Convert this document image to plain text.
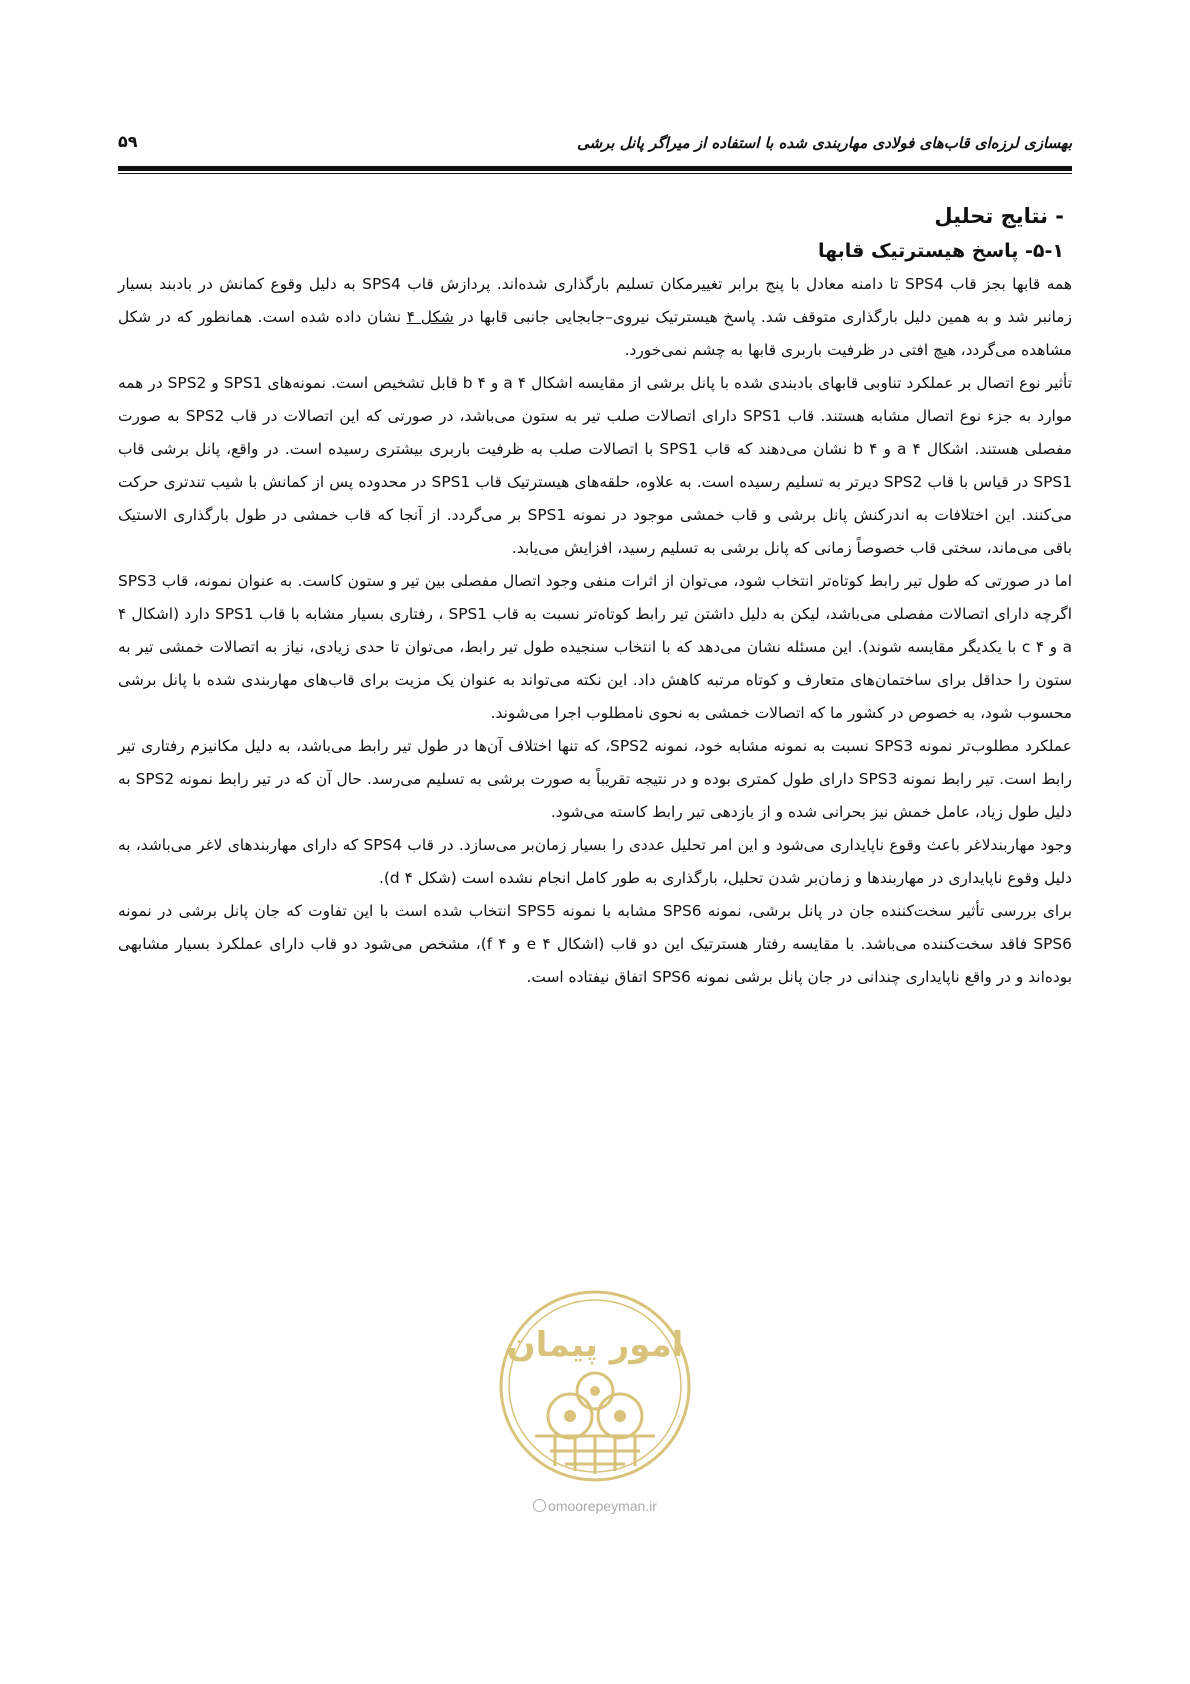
بهسازی لرزه‌ای قاب‌های فولادی مهاربندی شده با استفاده از میراگر پانل برشی
۵۹
- نتایج تحلیل
۵-۱- پاسخ هیسترتیک قابها

همه قابها بجز قاب SPS4 تا دامنه معادل با پنج برابر تغییرمکان تسلیم بارگذاری شده‌اند. پردازش قاب SPS4 به دلیل وقوع کمانش در بادبند بسیار زمانبر شد و به همین دلیل بارگذاری متوقف شد. پاسخ هیسترتیک نیروی–جابجایی جانبی قابها در شکل ۴ نشان داده شده است. همانطور که در شکل مشاهده می‌گردد، هیچ افتی در ظرفیت باربری قابها به چشم نمی‌خورد.

تأثیر نوع اتصال بر عملکرد تناوبی قابهای بادبندی شده با پانل برشی از مقایسه اشکال ۴ a و ۴ b قابل تشخیص است. نمونه‌های SPS1 و SPS2 در همه موارد به جزء نوع اتصال مشابه هستند. قاب SPS1 دارای اتصالات صلب تیر به ستون می‌باشد، در صورتی که این اتصالات در قاب SPS2 به صورت مفصلی هستند. اشکال ۴ a و ۴ b نشان می‌دهند که قاب SPS1 با اتصالات صلب به ظرفیت باربری بیشتری رسیده است. در واقع، پانل برشی قاب SPS1 در قیاس با قاب SPS2 دیرتر به تسلیم رسیده است. به علاوه، حلقه‌های هیسترتیک قاب SPS1 در محدوده پس از کمانش با شیب تندتری حرکت می‌کنند. این اختلافات به اندرکنش پانل برشی و قاب خمشی موجود در نمونه SPS1 بر می‌گردد. از آنجا که قاب خمشی در طول بارگذاری الاستیک باقی می‌ماند، سختی قاب خصوصاً زمانی که پانل برشی به تسلیم رسید، افزایش می‌یابد.

اما در صورتی که طول تیر رابط کوتاه‌تر انتخاب شود، می‌توان از اثرات منفی وجود اتصال مفصلی بین تیر و ستون کاست. به عنوان نمونه، قاب SPS3 اگرچه دارای اتصالات مفصلی می‌باشد، لیکن به دلیل داشتن تیر رابط کوتاه‌تر نسبت به قاب SPS1 ، رفتاری بسیار مشابه با قاب SPS1 دارد (اشکال ۴ a و ۴ c با یکدیگر مقایسه شوند). این مسئله نشان می‌دهد که با انتخاب سنجیده طول تیر رابط، می‌توان تا حدی زیادی، نیاز به اتصالات خمشی تیر به ستون را حداقل برای ساختمان‌های متعارف و کوتاه مرتبه کاهش داد. این نکته می‌تواند به عنوان یک مزیت برای قاب‌های مهاربندی شده با پانل برشی محسوب شود، به خصوص در کشور ما که اتصالات خمشی به نحوی نامطلوب اجرا می‌شوند.

عملکرد مطلوب‌تر نمونه SPS3 نسبت به نمونه مشابه خود، نمونه SPS2، که تنها اختلاف آن‌ها در طول تیر رابط می‌باشد، به دلیل مکانیزم رفتاری تیر رابط است. تیر رابط نمونه SPS3 دارای طول کمتری بوده و در نتیجه تقریباً به صورت برشی به تسلیم می‌رسد. حال آن که در تیر رابط نمونه SPS2 به دلیل طول زیاد، عامل خمش نیز بحرانی شده و از بازدهی تیر رابط کاسته می‌شود.

وجود مهاربندلاغر باعث وقوع ناپایداری می‌شود و این امر تحلیل عددی را بسیار زمان‌بر می‌سازد. در قاب SPS4 که دارای مهاربندهای لاغر می‌باشد، به دلیل وقوع ناپایداری در مهاربندها و زمان‌بر شدن تحلیل، بارگذاری به طور کامل انجام نشده است (شکل ۴ d).

برای بررسی تأثیر سخت‌کننده جان در پانل برشی، نمونه SPS6 مشابه با نمونه SPS5 انتخاب شده است با این تفاوت که جان پانل برشی در نمونه SPS6 فاقد سخت‌کننده می‌باشد. با مقایسه رفتار هسترتیک این دو قاب (اشکال ۴ e و ۴ f)، مشخص می‌شود دو قاب دارای عملکرد بسیار مشابهی بوده‌اند و در واقع ناپایداری چندانی در جان پانل برشی نمونه SPS6 اتفاق نیفتاده است.

امور پیمان
omoorepeyman.ir
